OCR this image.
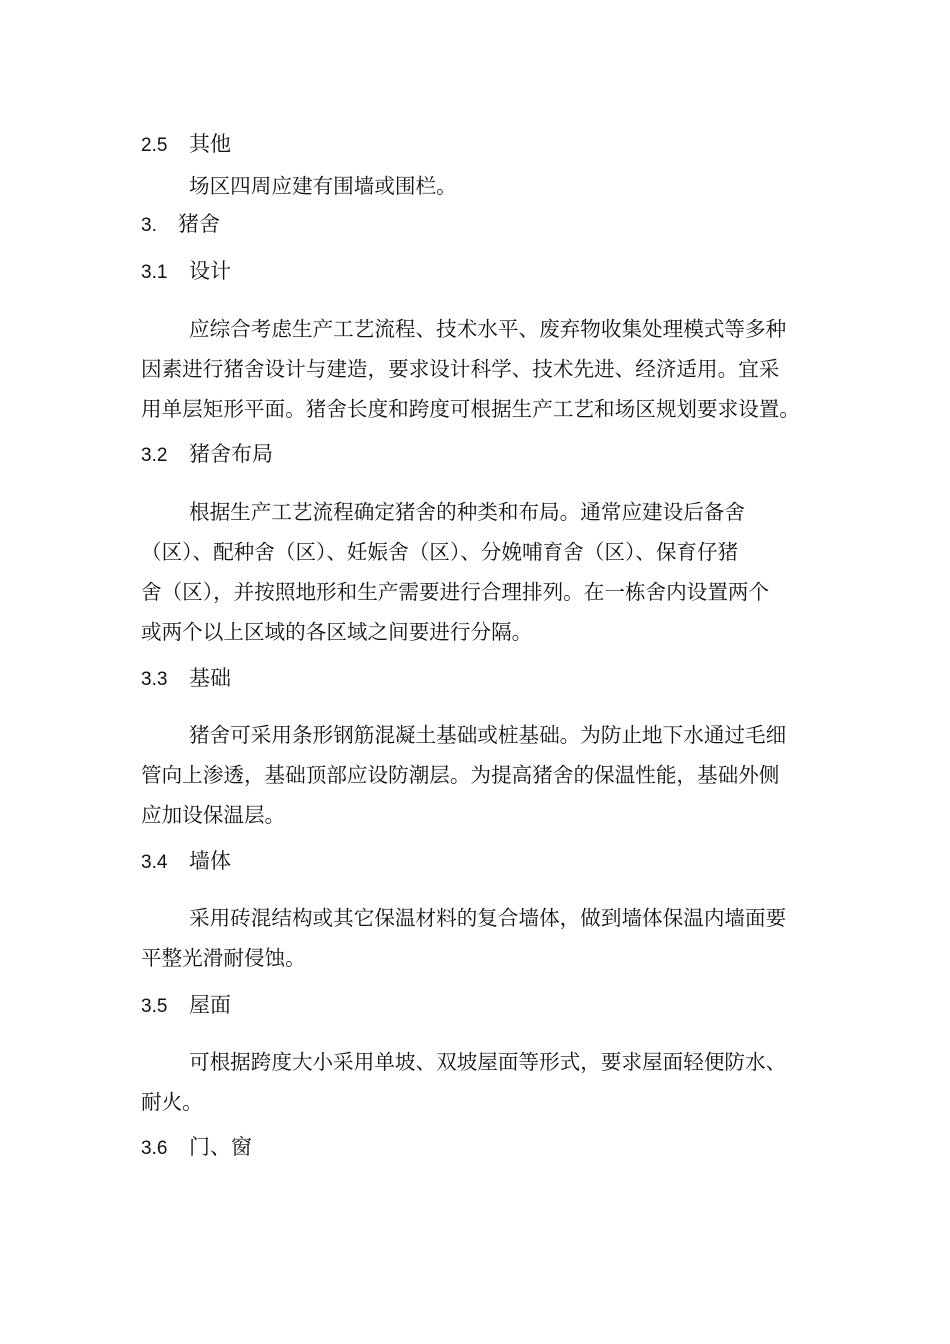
2.5 其他
场区四周应建有围墙或围栏。
3. 猪舍
3.1 设计
应综合考虑生产工艺流程、技术水平、废弃物收集处理模式等多种
因素进行猪舍设计与建造，要求设计科学、技术先进、经济适用。宜采
用单层矩形平面。猪舍长度和跨度可根据生产工艺和场区规划要求设置。
3.2 猪舍布局
根据生产工艺流程确定猪舍的种类和布局。通常应建设后备舍
（区）、配种舍（区）、妊娠舍（区）、分娩哺育舍（区）、保育仔猪
舍（区），并按照地形和生产需要进行合理排列。在一栋舍内设置两个
或两个以上区域的各区域之间要进行分隔。
3.3 基础
猪舍可采用条形钢筋混凝土基础或桩基础。为防止地下水通过毛细
管向上渗透，基础顶部应设防潮层。为提高猪舍的保温性能，基础外侧
应加设保温层。
3.4 墙体
采用砖混结构或其它保温材料的复合墙体，做到墙体保温内墙面要
平整光滑耐侵蚀。
3.5 屋面
可根据跨度大小采用单坡、双坡屋面等形式，要求屋面轻便防水、
耐火。
3.6 门、窗
